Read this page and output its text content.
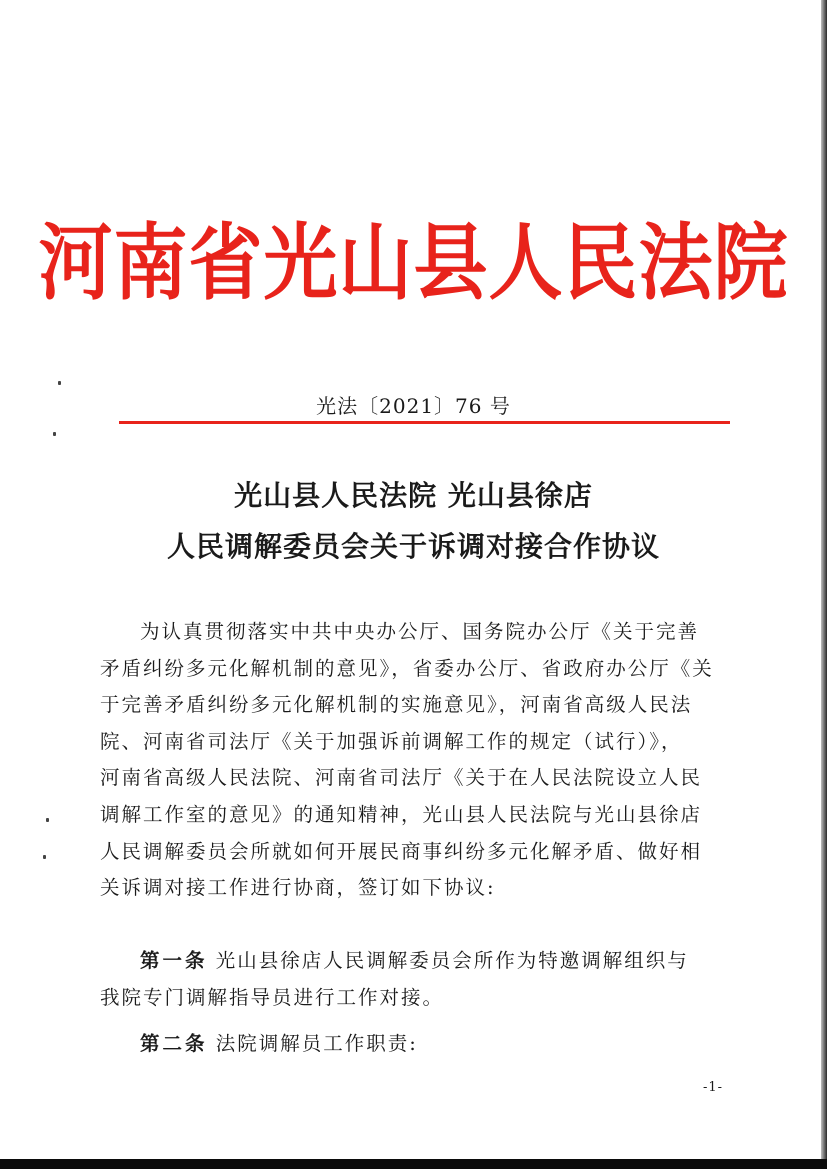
河南省光山县人民法院
光法〔2021〕76 号
光山县人民法院 光山县徐店
人民调解委员会关于诉调对接合作协议
为认真贯彻落实中共中央办公厅、国务院办公厅《关于完善
矛盾纠纷多元化解机制的意见》，省委办公厅、省政府办公厅《关
于完善矛盾纠纷多元化解机制的实施意见》，河南省高级人民法
院、河南省司法厅《关于加强诉前调解工作的规定（试行）》，
河南省高级人民法院、河南省司法厅《关于在人民法院设立人民
调解工作室的意见》的通知精神，光山县人民法院与光山县徐店
人民调解委员会所就如何开展民商事纠纷多元化解矛盾、做好相
关诉调对接工作进行协商，签订如下协议:
第一条 光山县徐店人民调解委员会所作为特邀调解组织与
我院专门调解指导员进行工作对接。
第二条 法院调解员工作职责:
-1-
